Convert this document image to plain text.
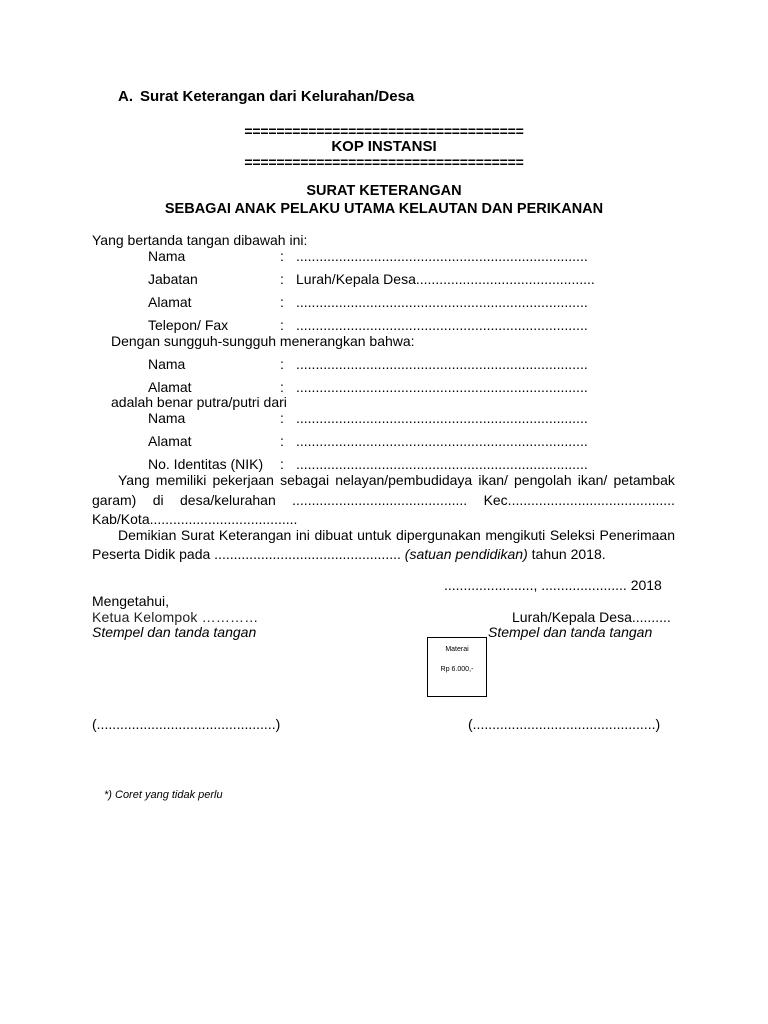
A. Surat Keterangan dari Kelurahan/Desa
===================================
KOP INSTANSI
===================================
SURAT KETERANGAN
SEBAGAI ANAK PELAKU UTAMA KELAUTAN DAN PERIKANAN
Yang bertanda tangan dibawah ini:
Nama	: ...........................................................................
Jabatan	: Lurah/Kepala Desa..............................................
Alamat	: ...........................................................................
Telepon/ Fax	: ...........................................................................
Dengan sungguh-sungguh menerangkan bahwa:
Nama	: ...........................................................................
Alamat	: ...........................................................................
adalah benar putra/putri dari
Nama	: ...........................................................................
Alamat	: ...........................................................................
No. Identitas (NIK) : ...........................................................................
Yang memiliki pekerjaan sebagai nelayan/pembudidaya ikan/ pengolah ikan/ petambak
garam) di desa/kelurahan ............................................. Kec...........................................
Kab/Kota......................................
Demikian Surat Keterangan ini dibuat untuk dipergunakan mengikuti Seleksi Penerimaan
Peserta Didik pada ................................................ (satuan pendidikan) tahun 2018.
......................., ...................... 2018
Mengetahui,
Ketua Kelompok …………	Lurah/Kepala Desa..........
Stempel dan tanda tangan	Stempel dan tanda tangan
Materai
Rp 6.000,-
(..............................................)	(...............................................)
*) Coret yang tidak perlu
